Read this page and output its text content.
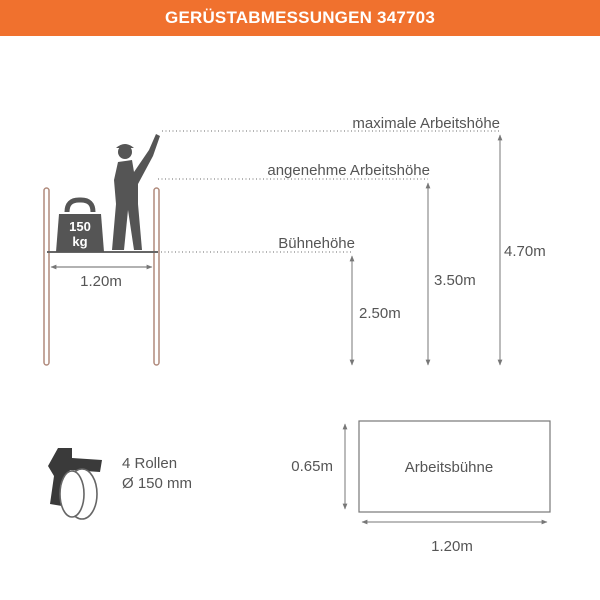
GERÜSTABMESSUNGEN 347703
1.20m
150
kg
maximale Arbeitshöhe
angenehme Arbeitshöhe
Bühnehöhe	4.70m
3.50m
2.50m
4 Rollen
Ø 150 mm
Arbeitsbühne
0.65m
1.20m
